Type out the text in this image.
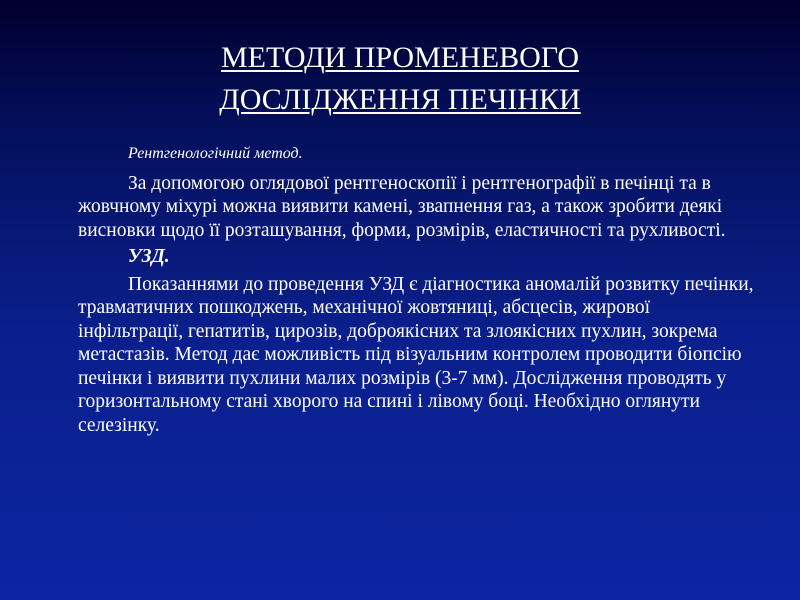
МЕТОДИ ПРОМЕНЕВОГО
ДОСЛІДЖЕННЯ ПЕЧІНКИ

Рентгенологічний метод.

За допомогою оглядової рентгеноскопії і рентгенографії в печінці та в жовчному міхурі можна виявити камені, звапнення газ, а також зробити деякі висновки щодо її розташування, форми, розмірів, еластичності та рухливості.

УЗД.

Показаннями до проведення УЗД є діагностика аномалій розвитку печінки, травматичних пошкоджень, механічної жовтяниці, абсцесів, жирової інфільтрації, гепатитів, цирозів, доброякісних та злоякісних пухлин, зокрема метастазів. Метод дає можливість під візуальним контролем проводити біопсію печінки і виявити пухлини малих розмірів (3-7 мм). Дослідження проводять у горизонтальному стані хворого на спині і лівому боці. Необхідно оглянути селезінку.
